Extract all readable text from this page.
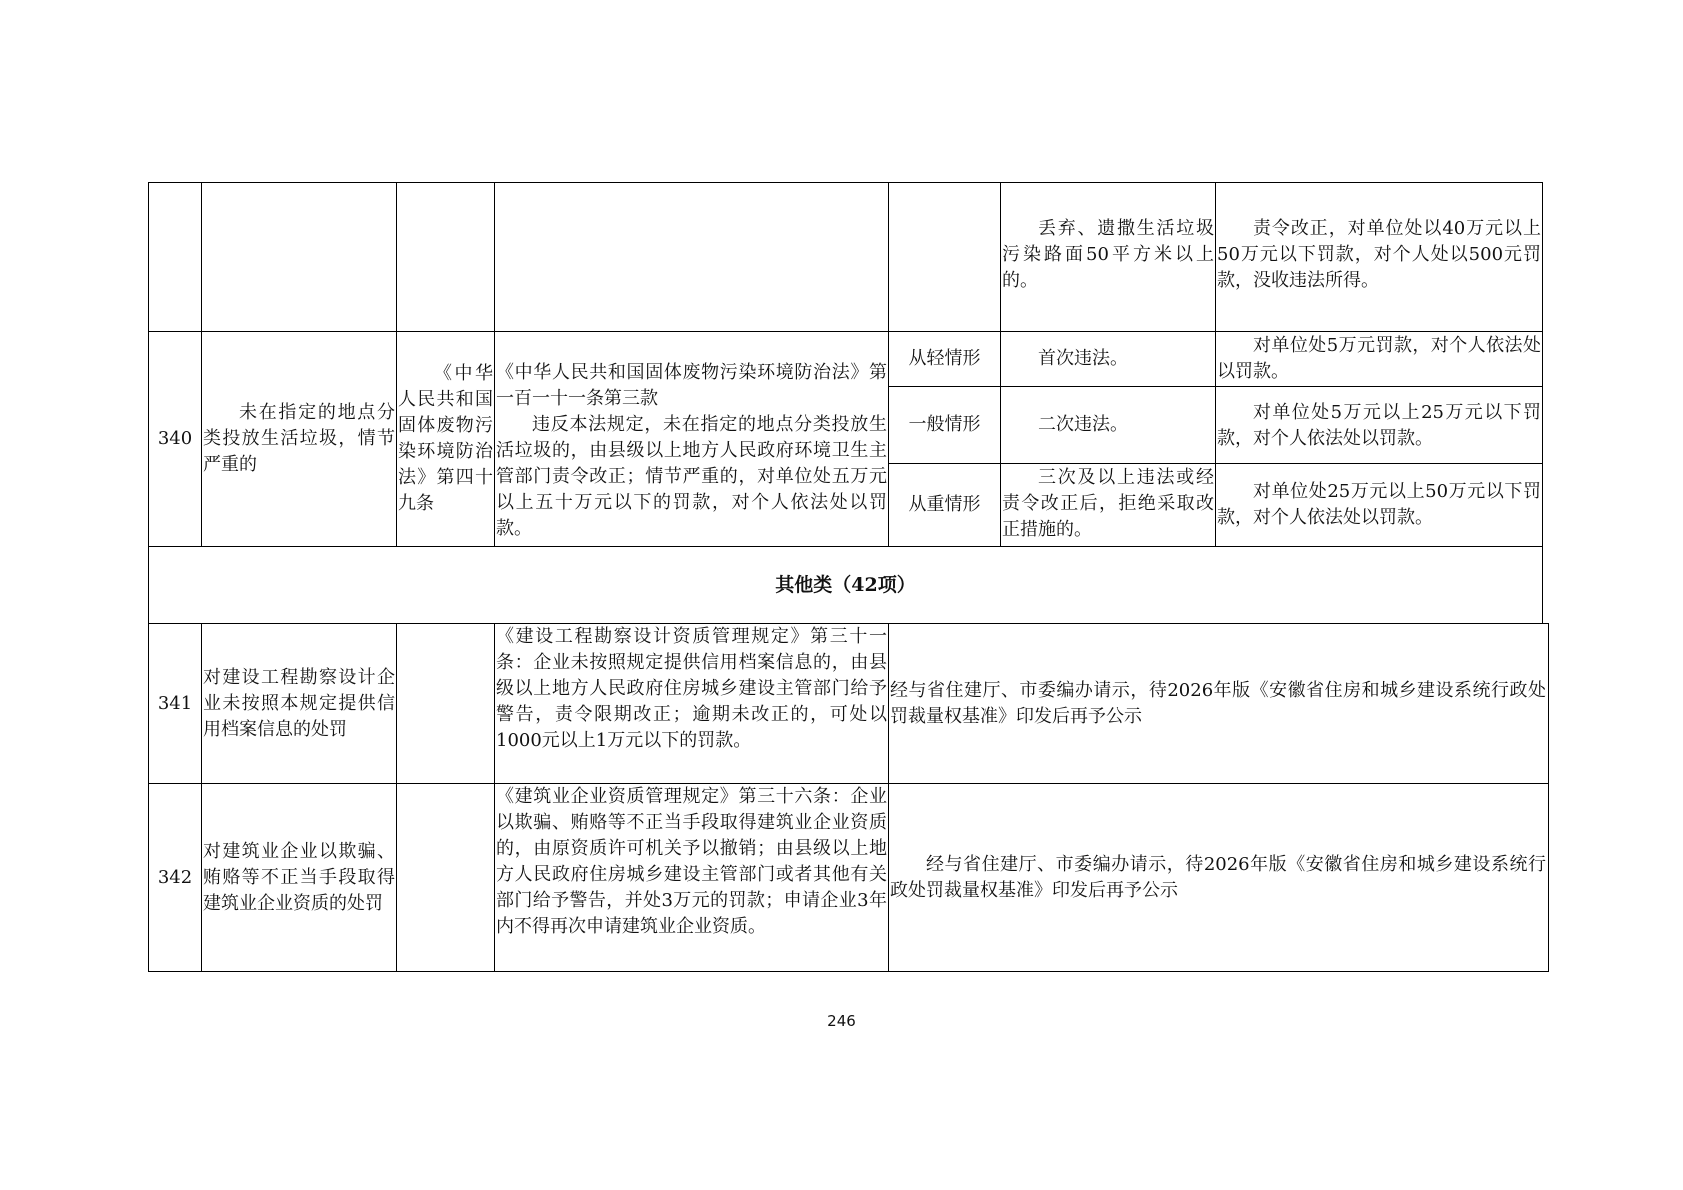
丢弃、遗撒生活垃圾污染路面50平方米以上的。
责令改正，对单位处以40万元以上50万元以下罚款，对个人处以500元罚款，没收违法所得。
340
未在指定的地点分类投放生活垃圾，情节严重的
《中华人民共和国固体废物污染环境防治法》第四十九条
《中华人民共和国固体废物污染环境防治法》第一百一十一条第三款
违反本法规定，未在指定的地点分类投放生活垃圾的，由县级以上地方人民政府环境卫生主管部门责令改正；情节严重的，对单位处五万元以上五十万元以下的罚款，对个人依法处以罚款。
从轻情形	首次违法。
对单位处5万元罚款，对个人依法处以罚款。
一般情形	二次违法。
对单位处5万元以上25万元以下罚款，对个人依法处以罚款。
从重情形
三次及以上违法或经责令改正后，拒绝采取改正措施的。
对单位处25万元以上50万元以下罚款，对个人依法处以罚款。
其他类（42项）
341
对建设工程勘察设计企业未按照本规定提供信用档案信息的处罚
《建设工程勘察设计资质管理规定》第三十一条：企业未按照规定提供信用档案信息的，由县级以上地方人民政府住房城乡建设主管部门给予警告，责令限期改正；逾期未改正的，可处以1000元以上1万元以下的罚款。
经与省住建厅、市委编办请示，待2026年版《安徽省住房和城乡建设系统行政处罚裁量权基准》印发后再予公示
342
对建筑业企业以欺骗、贿赂等不正当手段取得建筑业企业资质的处罚
《建筑业企业资质管理规定》第三十六条：企业以欺骗、贿赂等不正当手段取得建筑业企业资质的，由原资质许可机关予以撤销；由县级以上地方人民政府住房城乡建设主管部门或者其他有关部门给予警告，并处3万元的罚款；申请企业3年内不得再次申请建筑业企业资质。
经与省住建厅、市委编办请示，待2026年版《安徽省住房和城乡建设系统行政处罚裁量权基准》印发后再予公示
246
